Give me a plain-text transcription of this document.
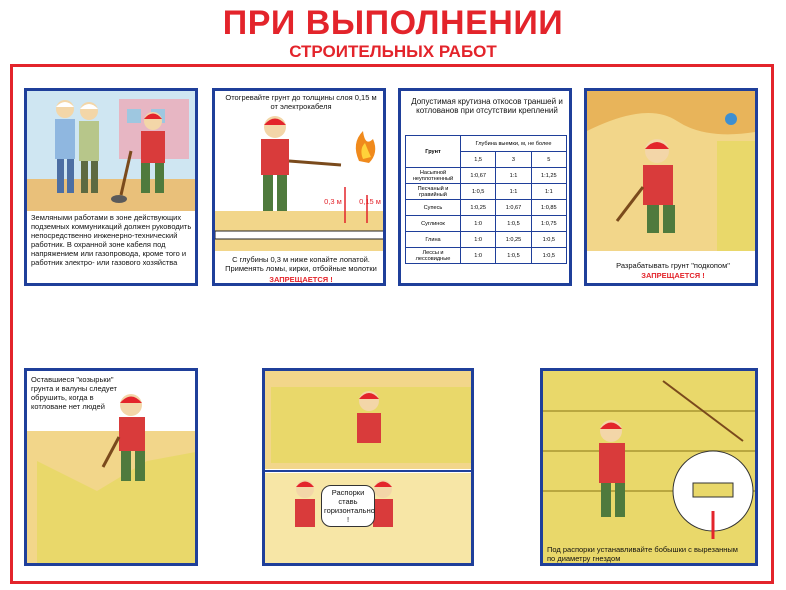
ПРИ ВЫПОЛНЕНИИ
СТРОИТЕЛЬНЫХ РАБОТ
Земляными работами в зоне действующих подземных коммуникаций должен руководить непосредственно инженерно-технический работник. В охранной зоне кабеля под напряжением или газопровода, кроме того и работник электро- или газового хозяйства
Отогревайте грунт до толщины слоя 0,15 м от электрокабеля
0,3 м	0,15 м
С глубины 0,3 м ниже копайте лопатой. Применять ломы, кирки, отбойные молотки
ЗАПРЕЩАЕТСЯ !
Допустимая крутизна откосов траншей и котлованов при отсутствии креплений
Грунт	Глубина выемки, м, не более		
	1,5	3	5
Насыпной неуплотненный	1:0,67	1:1	1:1,25
Песчаный и гравийный	1:0,5	1:1	1:1
Супесь	1:0,25	1:0,67	1:0,85
Суглинок	1:0	1:0,5	1:0,75
Глина	1:0	1:0,25	1:0,5
Лессы и лессовидные	1:0	1:0,5	1:0,5
Разрабатывать грунт "подкопом"
ЗАПРЕЩАЕТСЯ !
Оставшиеся "козырьки" грунта и валуны следует обрушить, когда в котловане нет людей
Распорки ставь горизонтально !
Под распорки устанавливайте бобышки с вырезанным по диаметру гнездом
